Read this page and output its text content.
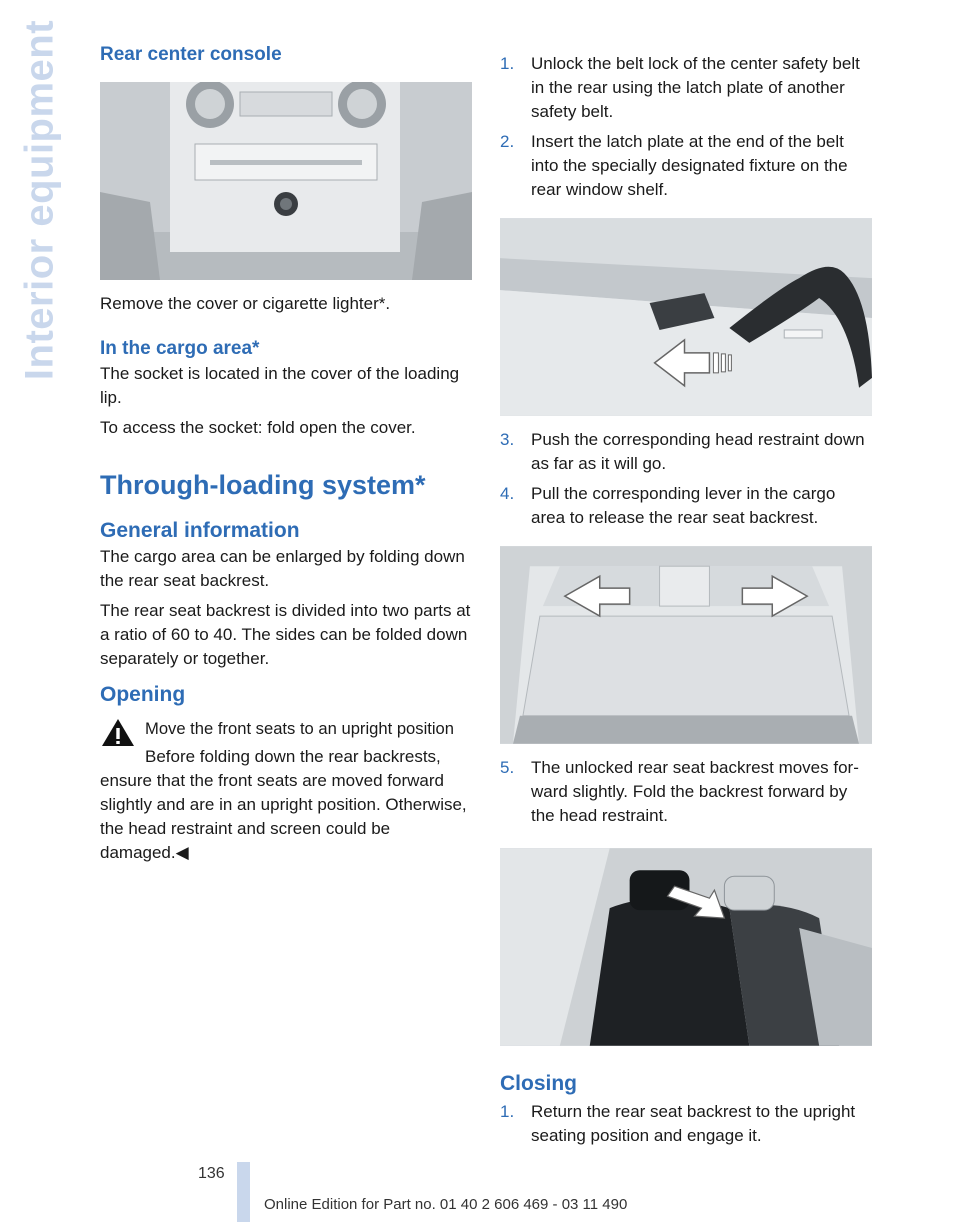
Interior equipment Rear center console

Remove the cover or cigarette lighter*.

In the cargo area*

The socket is located in the cover of the loading lip.

To access the socket: fold open the cover.

Through-loading system*
General information

The cargo area can be enlarged by folding down the rear seat backrest.

The rear seat backrest is divided into two parts at a ratio of 60 to 40. The sides can be folded down separately or together.

Opening

Move the front seats to an upright position

Before folding down the rear backrests,

ensure that the front seats are moved forward slightly and are in an upright position. Otherwise, the head restraint and screen could be damaged.◀

1. Unlock the belt lock of the center safety belt in the rear using the latch plate of another safety belt.
2. Insert the latch plate at the end of the belt into the specially designated fixture on the rear window shelf.
3. Push the corresponding head restraint down as far as it will go.
4. Pull the corresponding lever in the cargo area to release the rear seat backrest.
5. The unlocked rear seat backrest moves forward slightly. Fold the backrest forward by the head restraint.
Closing
1. Return the rear seat backrest to the upright seating position and engage it.
136
Online Edition for Part no. 01 40 2 606 469 - 03 11 490
